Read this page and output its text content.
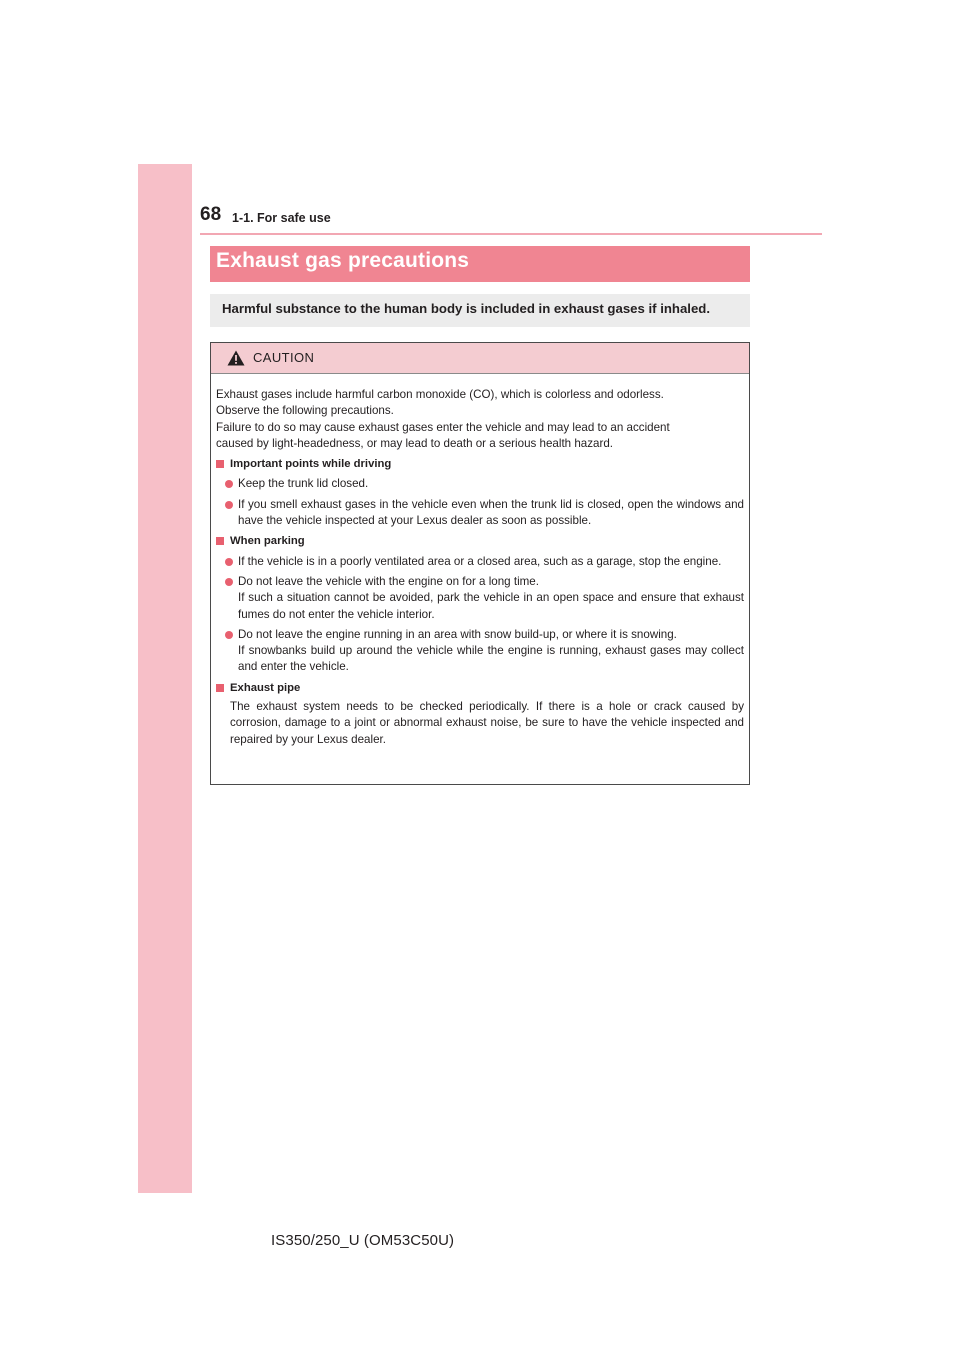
68 1-1. For safe use
Exhaust gas precautions
Harmful substance to the human body is included in exhaust gases if inhaled.
CAUTION

Exhaust gases include harmful carbon monoxide (CO), which is colorless and odorless.
Observe the following precautions.
Failure to do so may cause exhaust gases enter the vehicle and may lead to an accident
caused by light-headedness, or may lead to death or a serious health hazard.

Important points while driving
Keep the trunk lid closed.
If you smell exhaust gases in the vehicle even when the trunk lid is closed, open the windows and have the vehicle inspected at your Lexus dealer as soon as possible.
When parking
If the vehicle is in a poorly ventilated area or a closed area, such as a garage, stop the engine.
Do not leave the vehicle with the engine on for a long time.
If such a situation cannot be avoided, park the vehicle in an open space and ensure that exhaust fumes do not enter the vehicle interior.
Do not leave the engine running in an area with snow build-up, or where it is snowing.
If snowbanks build up around the vehicle while the engine is running, exhaust gases may collect and enter the vehicle.
Exhaust pipe
The exhaust system needs to be checked periodically. If there is a hole or crack caused by corrosion, damage to a joint or abnormal exhaust noise, be sure to have the vehicle inspected and repaired by your Lexus dealer.
IS350/250_U (OM53C50U)
